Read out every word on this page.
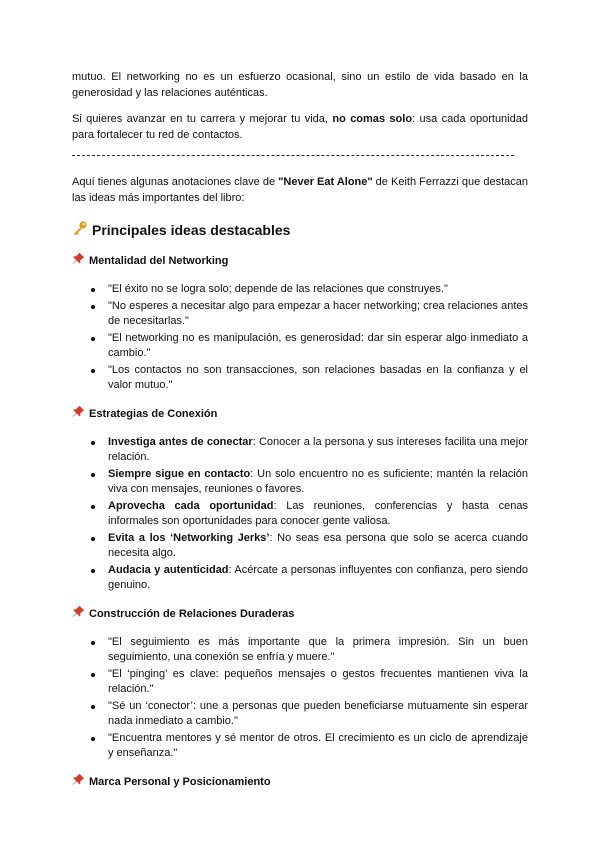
mutuo. El networking no es un esfuerzo ocasional, sino un estilo de vida basado en la generosidad y las relaciones auténticas.

Si quieres avanzar en tu carrera y mejorar tu vida, no comas solo: usa cada oportunidad para fortalecer tu red de contactos.

Aquí tienes algunas anotaciones clave de "Never Eat Alone" de Keith Ferrazzi que destacan las ideas más importantes del libro:

Principales ideas destacables
Mentalidad del Networking
"El éxito no se logra solo; depende de las relaciones que construyes."
"No esperes a necesitar algo para empezar a hacer networking; crea relaciones antes de necesitarlas."
"El networking no es manipulación, es generosidad: dar sin esperar algo inmediato a cambio."
"Los contactos no son transacciones, son relaciones basadas en la confianza y el valor mutuo."
Estrategias de Conexión
Investiga antes de conectar: Conocer a la persona y sus intereses facilita una mejor relación.
Siempre sigue en contacto: Un solo encuentro no es suficiente; mantén la relación viva con mensajes, reuniones o favores.
Aprovecha cada oportunidad: Las reuniones, conferencias y hasta cenas informales son oportunidades para conocer gente valiosa.
Evita a los ‘Networking Jerks’: No seas esa persona que solo se acerca cuando necesita algo.
Audacia y autenticidad: Acércate a personas influyentes con confianza, pero siendo genuino.
Construcción de Relaciones Duraderas
"El seguimiento es más importante que la primera impresión. Sin un buen seguimiento, una conexión se enfría y muere."
"El ‘pinging’ es clave: pequeños mensajes o gestos frecuentes mantienen viva la relación."
"Sé un ‘conector’: une a personas que pueden beneficiarse mutuamente sin esperar nada inmediato a cambio."
"Encuentra mentores y sé mentor de otros. El crecimiento es un ciclo de aprendizaje y enseñanza."
Marca Personal y Posicionamiento
